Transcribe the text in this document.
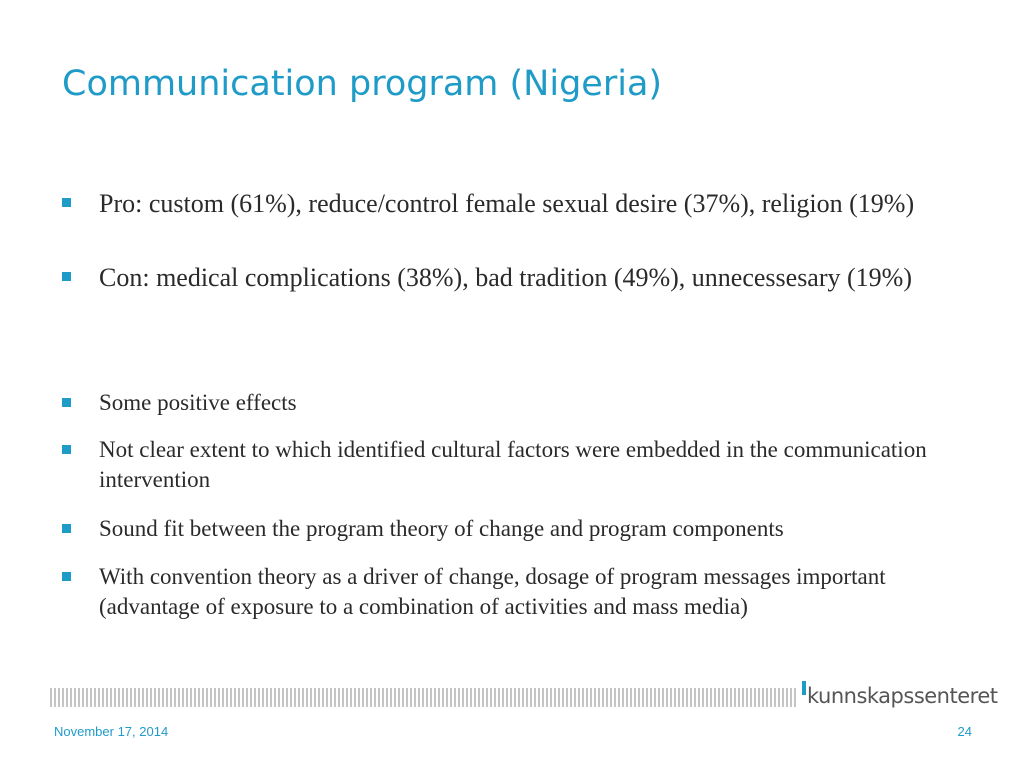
Communication program (Nigeria)
Pro: custom (61%), reduce/control female sexual desire (37%), religion (19%)
Con: medical complications (38%), bad tradition (49%), unnecessesary (19%)
Some positive effects
Not clear extent to which identified cultural factors were embedded in the communication intervention
Sound fit between the program theory of change and program components
With convention theory as a driver of change, dosage of program messages important (advantage of exposure to a combination of activities and mass media)
kunnskapssenteret
November 17, 2014	24
